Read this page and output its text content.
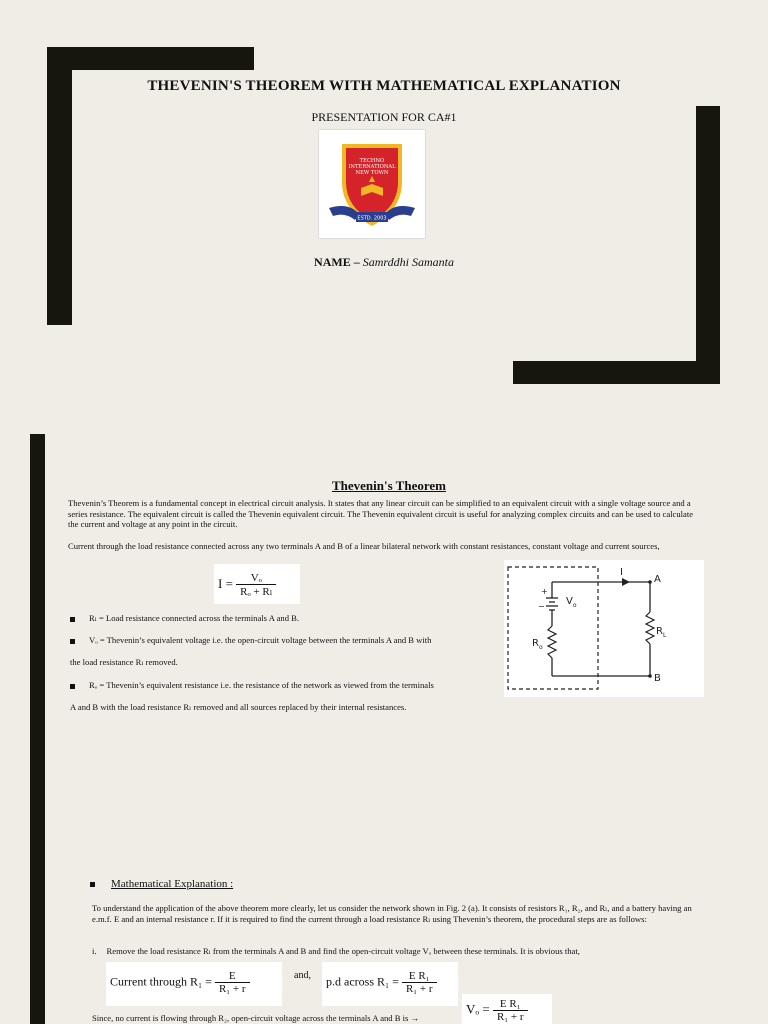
THEVENIN'S THEOREM WITH MATHEMATICAL EXPLANATION
PRESENTATION FOR CA#1
TECHNO
INTERNATIONAL
NEW TOWN
ESTD. 2003
NAME – Samrddhi Samanta
Thevenin's Theorem
Thevenin’s Theorem is a fundamental concept in electrical circuit analysis. It states that any linear circuit can be simplified to an equivalent circuit with a single voltage source and a series resistance. The equivalent circuit is called the Thevenin equivalent circuit. The Thevenin equivalent circuit is useful for analyzing complex circuits and can be used to calculate the current and voltage at any point in the circuit.
Current through the load resistance connected across any two terminals A and B of a linear bilateral network with constant resistances, constant voltage and current sources,
$I = \frac{\text{Vₒ}}{\text{Rₒ + Rₗ}}$
Rₗ = Load resistance connected across the terminals A and B.
Vₒ = Thevenin’s equivalent voltage i.e. the open-circuit voltage between the terminals A and B with
the load resistance Rₗ removed.
Rₒ = Thevenin’s equivalent resistance i.e. the resistance of the network as viewed from the terminals
A and B with the load resistance Rₗ removed and all sources replaced by their internal resistances.
+
− $V_o$
$R_o$
I
A
$R_L$
B
Mathematical Explanation :
To understand the application of the above theorem more clearly, let us consider the network shown in Fig. 2 (a). It consists of resistors R₁, R₂, and Rₗ, and a battery having an e.m.f. E and an internal resistance r. If it is required to find the current through a load resistance Rₗ using Thevenin’s theorem, the procedural steps are as follows:
i. Remove the load resistance Rₗ from the terminals A and B and find the open-circuit voltage Vₒ between these terminals. It is obvious that,
Current through $R_1 = \frac{E}{\text{R₁ + r}}$	and, p.d across $R_1 = \frac{\text{E R₁}}{\text{R₁ + r}}$
Since, no current is flowing through R₂, open-circuit voltage across the terminals A and B is →
$V_o = \frac{\text{E R₁}}{\text{R₁ + r}}$
